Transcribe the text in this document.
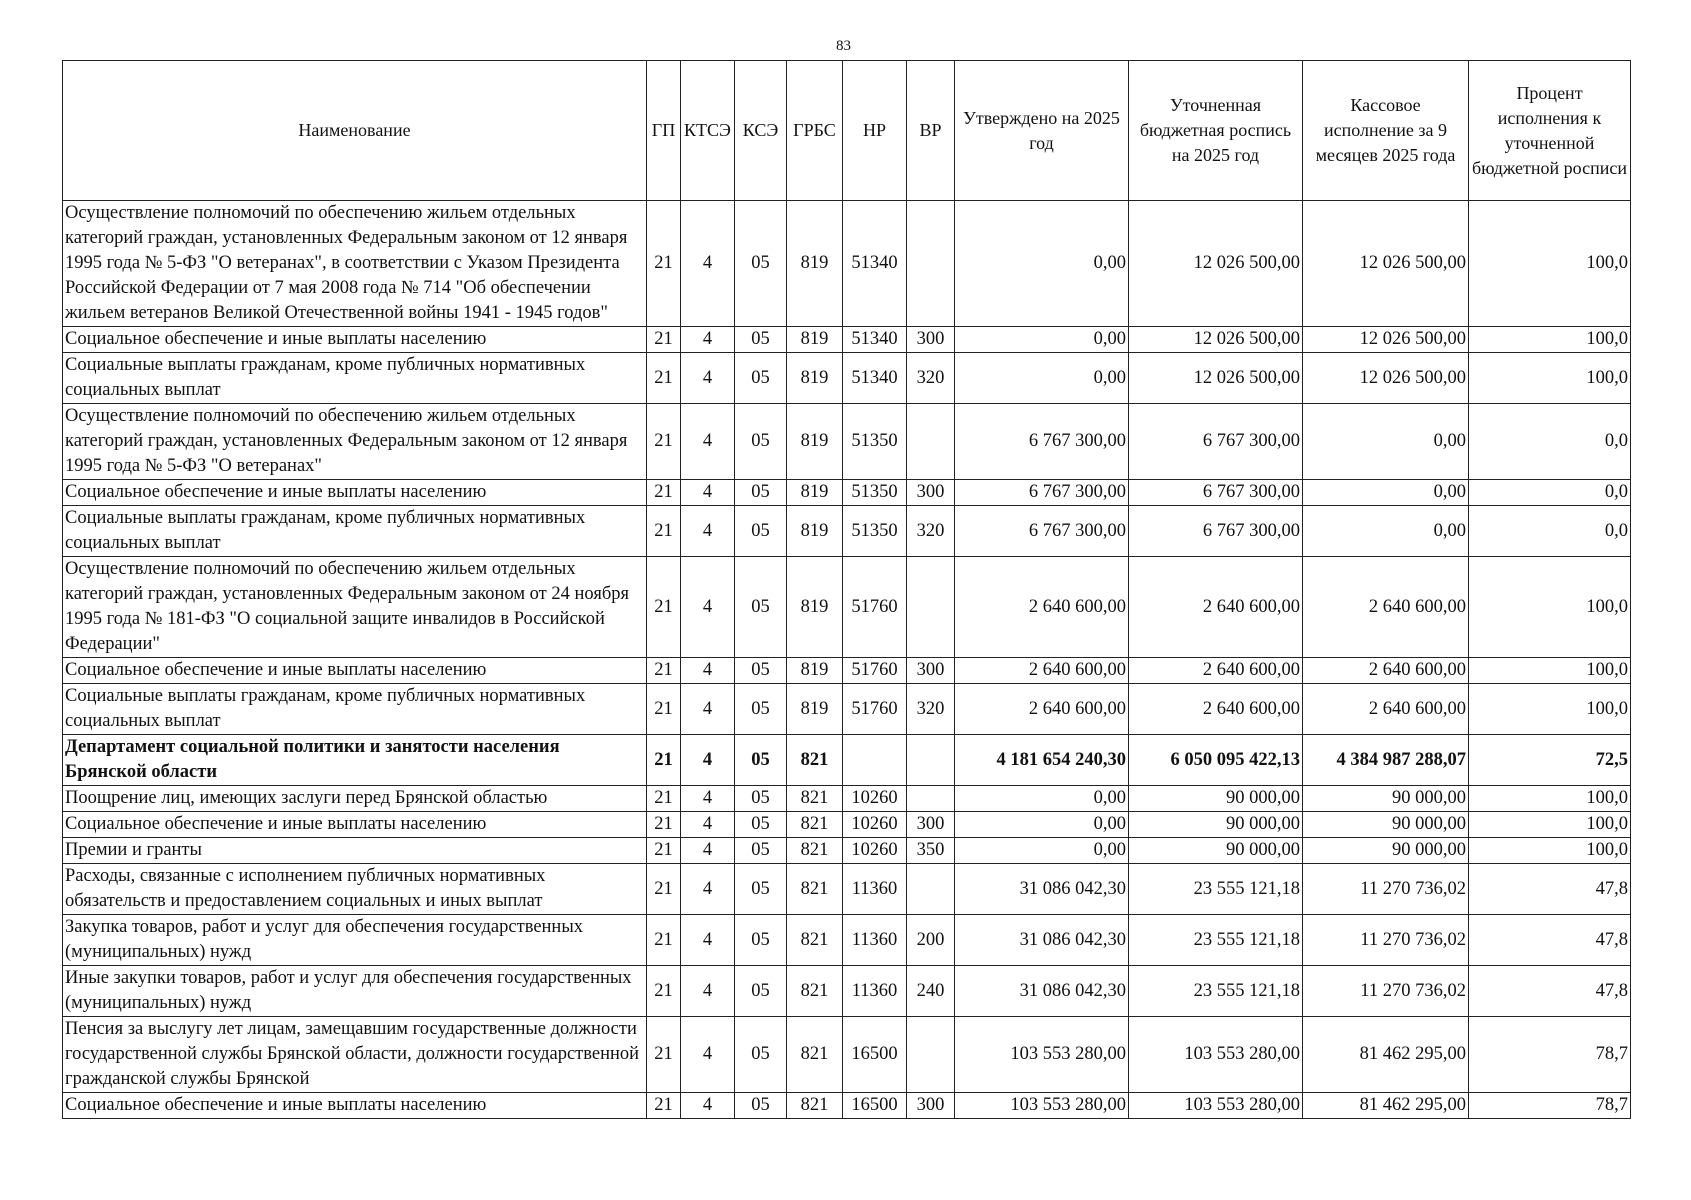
83
Наименование	ГП	КТСЭ	КСЭ	ГРБС	НР	ВР	Утверждено на 2025 год	Уточненная бюджетная роспись на 2025 год	Кассовое исполнение за 9 месяцев 2025 года	Процент исполнения к уточненной бюджетной росписи
Осуществление полномочий по обеспечению жильем отдельных категорий граждан, установленных Федеральным законом от 12 января 1995 года № 5-ФЗ "О ветеранах", в соответствии с Указом Президента Российской Федерации от 7 мая 2008 года № 714 "Об обеспечении жильем ветеранов Великой Отечественной войны 1941 - 1945 годов"	21	4	05	819	51340		0,00	12 026 500,00	12 026 500,00	100,0
Социальное обеспечение и иные выплаты населению	21	4	05	819	51340	300	0,00	12 026 500,00	12 026 500,00	100,0
Социальные выплаты гражданам, кроме публичных нормативных социальных выплат	21	4	05	819	51340	320	0,00	12 026 500,00	12 026 500,00	100,0
Осуществление полномочий по обеспечению жильем отдельных категорий граждан, установленных Федеральным законом от 12 января 1995 года № 5-ФЗ "О ветеранах"	21	4	05	819	51350		6 767 300,00	6 767 300,00	0,00	0,0
Социальное обеспечение и иные выплаты населению	21	4	05	819	51350	300	6 767 300,00	6 767 300,00	0,00	0,0
Социальные выплаты гражданам, кроме публичных нормативных социальных выплат	21	4	05	819	51350	320	6 767 300,00	6 767 300,00	0,00	0,0
Осуществление полномочий по обеспечению жильем отдельных категорий граждан, установленных Федеральным законом от 24 ноября 1995 года № 181-ФЗ "О социальной защите инвалидов в Российской Федерации"	21	4	05	819	51760		2 640 600,00	2 640 600,00	2 640 600,00	100,0
Социальное обеспечение и иные выплаты населению	21	4	05	819	51760	300	2 640 600,00	2 640 600,00	2 640 600,00	100,0
Социальные выплаты гражданам, кроме публичных нормативных социальных выплат	21	4	05	819	51760	320	2 640 600,00	2 640 600,00	2 640 600,00	100,0
Департамент социальной политики и занятости населения Брянской области	21	4	05	821			4 181 654 240,30	6 050 095 422,13	4 384 987 288,07	72,5
Поощрение лиц, имеющих заслуги перед Брянской областью	21	4	05	821	10260		0,00	90 000,00	90 000,00	100,0
Социальное обеспечение и иные выплаты населению	21	4	05	821	10260	300	0,00	90 000,00	90 000,00	100,0
Премии и гранты	21	4	05	821	10260	350	0,00	90 000,00	90 000,00	100,0
Расходы, связанные с исполнением публичных нормативных обязательств и предоставлением социальных и иных выплат	21	4	05	821	11360		31 086 042,30	23 555 121,18	11 270 736,02	47,8
Закупка товаров, работ и услуг для обеспечения государственных (муниципальных) нужд	21	4	05	821	11360	200	31 086 042,30	23 555 121,18	11 270 736,02	47,8
Иные закупки товаров, работ и услуг для обеспечения государственных (муниципальных) нужд	21	4	05	821	11360	240	31 086 042,30	23 555 121,18	11 270 736,02	47,8
Пенсия за выслугу лет лицам, замещавшим государственные должности государственной службы Брянской области, должности государственной гражданской службы Брянской	21	4	05	821	16500		103 553 280,00	103 553 280,00	81 462 295,00	78,7
Социальное обеспечение и иные выплаты населению	21	4	05	821	16500	300	103 553 280,00	103 553 280,00	81 462 295,00	78,7
